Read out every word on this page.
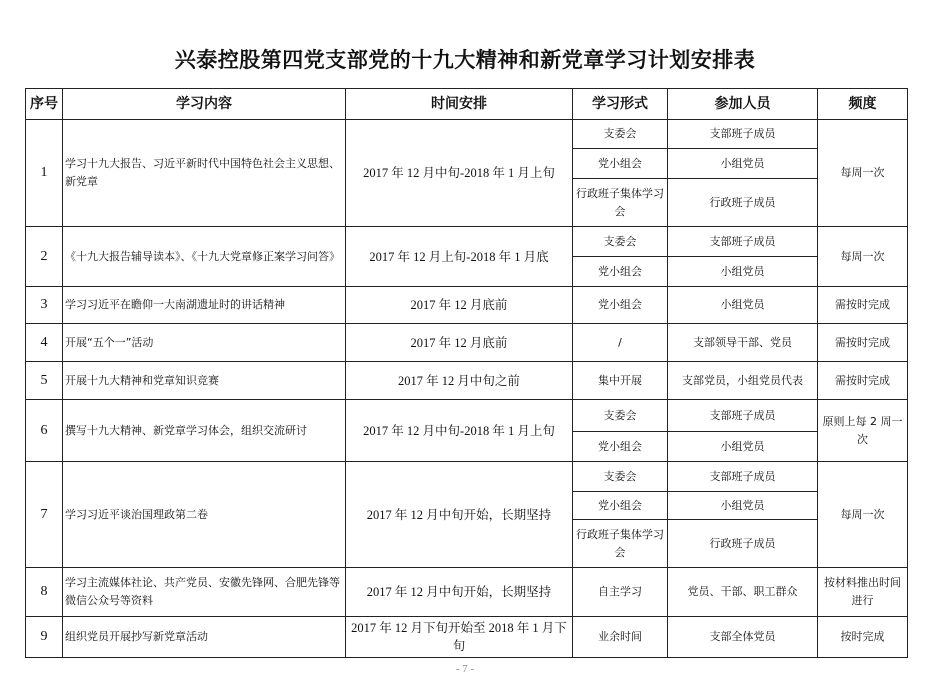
兴泰控股第四党支部党的十九大精神和新党章学习计划安排表
序号	学习内容	时间安排	学习形式	参加人员	频度
1	学习十九大报告、习近平新时代中国特色社会主义思想、新党章	2017 年 12 月中旬-2018 年 1 月上旬	支委会	支部班子成员	每周一次
			党小组会	小组党员	
			行政班子集体学习会	行政班子成员	
2	《十九大报告辅导读本》、《十九大党章修正案学习问答》	2017 年 12 月上旬-2018 年 1 月底	支委会	支部班子成员	每周一次
			党小组会	小组党员	
3	学习习近平在瞻仰一大南湖遗址时的讲话精神	2017 年 12 月底前	党小组会	小组党员	需按时完成
4	开展“五个一”活动	2017 年 12 月底前	/	支部领导干部、党员	需按时完成
5	开展十九大精神和党章知识竞赛	2017 年 12 月中旬之前	集中开展	支部党员，小组党员代表	需按时完成
6	撰写十九大精神、新党章学习体会，组织交流研讨	2017 年 12 月中旬-2018 年 1 月上旬	支委会	支部班子成员	原则上每 2 周一次
			党小组会	小组党员	
7	学习习近平谈治国理政第二卷	2017 年 12 月中旬开始，长期坚持	支委会	支部班子成员	每周一次
			党小组会	小组党员	
			行政班子集体学习会	行政班子成员	
8	学习主流媒体社论、共产党员、安徽先锋网、合肥先锋等微信公众号等资料	2017 年 12 月中旬开始，长期坚持	自主学习	党员、干部、职工群众	按材料推出时间进行
9	组织党员开展抄写新党章活动	2017 年 12 月下旬开始至 2018 年 1 月下旬	业余时间	支部全体党员	按时完成
- 7 -
